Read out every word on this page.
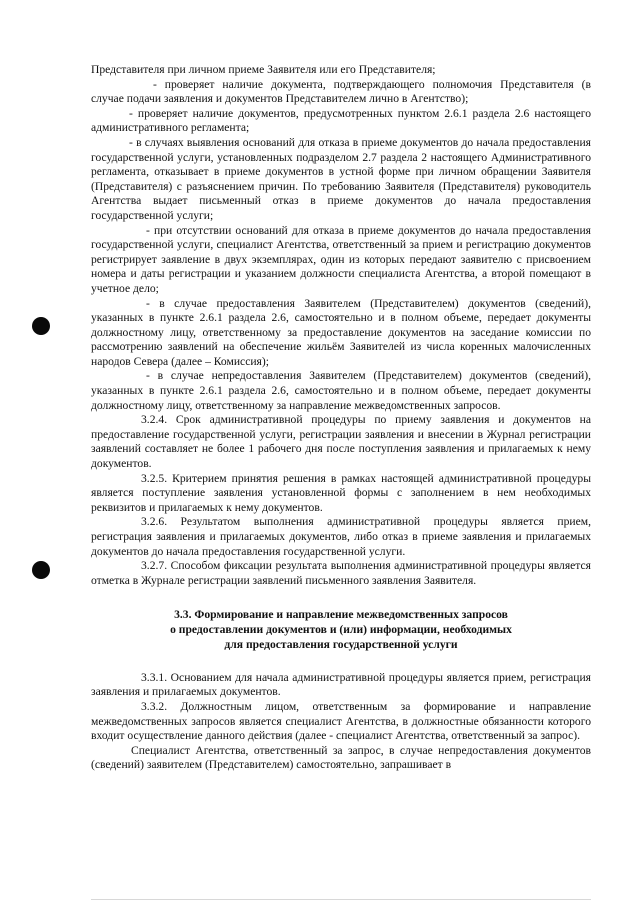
Представителя при личном приеме Заявителя или его Представителя;

- проверяет наличие документа, подтверждающего полномочия Представителя (в случае подачи заявления и документов Представителем лично в Агентство);

- проверяет наличие документов, предусмотренных пунктом 2.6.1 раздела 2.6 настоящего административного регламента;

- в случаях выявления оснований для отказа в приеме документов до начала предоставления государственной услуги, установленных подразделом 2.7 раздела 2 настоящего Административного регламента, отказывает в приеме документов в устной форме при личном обращении Заявителя (Представителя) с разъяснением причин. По требованию Заявителя (Представителя) руководитель Агентства выдает письменный отказ в приеме документов до начала предоставления государственной услуги;

- при отсутствии оснований для отказа в приеме документов до начала предоставления государственной услуги, специалист Агентства, ответственный за прием и регистрацию документов регистрирует заявление в двух экземплярах, один из которых передают заявителю с присвоением номера и даты регистрации и указанием должности специалиста Агентства, а второй помещают в учетное дело;

- в случае предоставления Заявителем (Представителем) документов (сведений), указанных в пункте 2.6.1 раздела 2.6, самостоятельно и в полном объеме, передает документы должностному лицу, ответственному за предоставление документов на заседание комиссии по рассмотрению заявлений на обеспечение жильём Заявителей из числа коренных малочисленных народов Севера (далее – Комиссия);

- в случае непредоставления Заявителем (Представителем) документов (сведений), указанных в пункте 2.6.1 раздела 2.6, самостоятельно и в полном объеме, передает документы должностному лицу, ответственному за направление межведомственных запросов.

3.2.4. Срок административной процедуры по приему заявления и документов на предоставление государственной услуги, регистрации заявления и внесении в Журнал регистрации заявлений составляет не более 1 рабочего дня после поступления заявления и прилагаемых к нему документов.

3.2.5. Критерием принятия решения в рамках настоящей административной процедуры является поступление заявления установленной формы с заполнением в нем необходимых реквизитов и прилагаемых к нему документов.

3.2.6. Результатом выполнения административной процедуры является прием, регистрация заявления и прилагаемых документов, либо отказ в приеме заявления и прилагаемых документов до начала предоставления государственной услуги.

3.2.7. Способом фиксации результата выполнения административной процедуры является отметка в Журнале регистрации заявлений письменного заявления Заявителя.

3.3. Формирование и направление межведомственных запросов
о предоставлении документов и (или) информации, необходимых
для предоставления государственной услуги

3.3.1. Основанием для начала административной процедуры является прием, регистрация заявления и прилагаемых документов.

3.3.2. Должностным лицом, ответственным за формирование и направление межведомственных запросов является специалист Агентства, в должностные обязанности которого входит осуществление данного действия (далее - специалист Агентства, ответственный за запрос).

Специалист Агентства, ответственный за запрос, в случае непредоставления документов (сведений) заявителем (Представителем) самостоятельно, запрашивает в
